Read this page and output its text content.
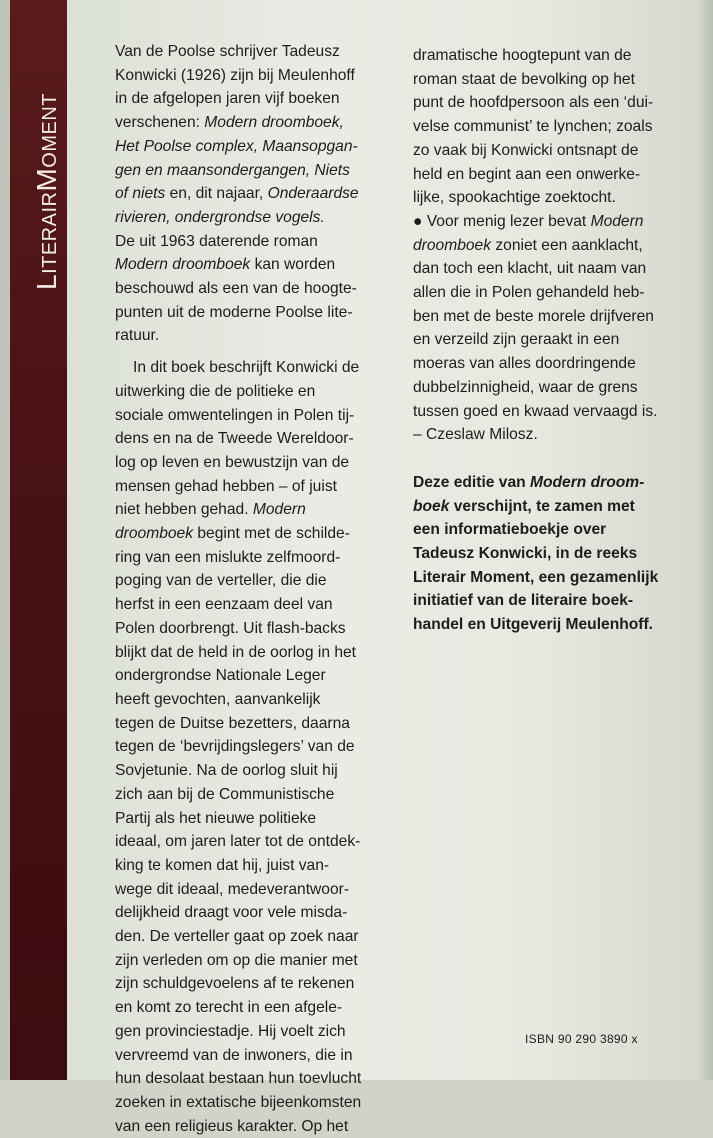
LiterairMoment
Van de Poolse schrijver Tadeusz
Konwicki (1926) zijn bij Meulenhoff
in de afgelopen jaren vijf boeken
verschenen: Modern droomboek,
Het Poolse complex, Maansopgan-
gen en maansondergangen, Niets
of niets en, dit najaar, Onderaardse
rivieren, ondergrondse vogels.
De uit 1963 daterende roman
Modern droomboek kan worden
beschouwd als een van de hoogte-
punten uit de moderne Poolse lite-
ratuur.
In dit boek beschrijft Konwicki de
uitwerking die de politieke en
sociale omwentelingen in Polen tij-
dens en na de Tweede Wereldoor-
log op leven en bewustzijn van de
mensen gehad hebben – of juist
niet hebben gehad. Modern
droomboek begint met de schilde-
ring van een mislukte zelfmoord-
poging van de verteller, die die
herfst in een eenzaam deel van
Polen doorbrengt. Uit flash-backs
blijkt dat de held in de oorlog in het
ondergrondse Nationale Leger
heeft gevochten, aanvankelijk
tegen de Duitse bezetters, daarna
tegen de ‘bevrijdingslegers’ van de
Sovjetunie. Na de oorlog sluit hij
zich aan bij de Communistische
Partij als het nieuwe politieke
ideaal, om jaren later tot de ontdek-
king te komen dat hij, juist van-
wege dit ideaal, medeverantwoor-
delijkheid draagt voor vele misda-
den. De verteller gaat op zoek naar
zijn verleden om op die manier met
zijn schuldgevoelens af te rekenen
en komt zo terecht in een afgele-
gen provinciestadje. Hij voelt zich
vervreemd van de inwoners, die in
hun desolaat bestaan hun toevlucht
zoeken in extatische bijeenkomsten
van een religieus karakter. Op het
dramatische hoogtepunt van de
roman staat de bevolking op het
punt de hoofdpersoon als een ‘dui-
velse communist’ te lynchen; zoals
zo vaak bij Konwicki ontsnapt de
held en begint aan een onwerke-
lijke, spookachtige zoektocht.
● Voor menig lezer bevat Modern
droomboek zoniet een aanklacht,
dan toch een klacht, uit naam van
allen die in Polen gehandeld heb-
ben met de beste morele drijfveren
en verzeild zijn geraakt in een
moeras van alles doordringende
dubbelzinnigheid, waar de grens
tussen goed en kwaad vervaagd is.
– Czeslaw Milosz.
Deze editie van Modern droom-
boek verschijnt, te zamen met
een informatieboekje over
Tadeusz Konwicki, in de reeks
Literair Moment, een gezamenlijk
initiatief van de literaire boek-
handel en Uitgeverij Meulenhoff.
ISBN 90 290 3890 x
